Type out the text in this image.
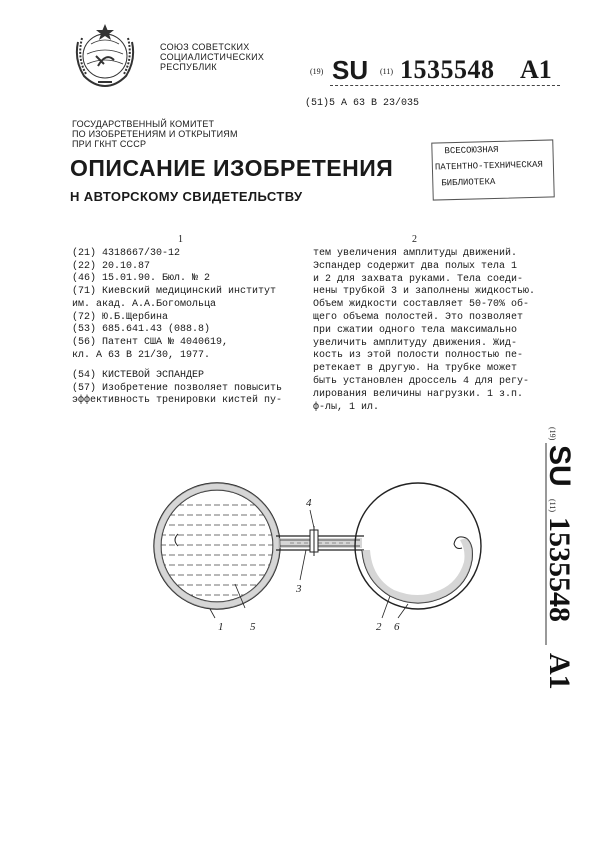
СОЮЗ СОВЕТСКИХ
СОЦИАЛИСТИЧЕСКИХ
РЕСПУБЛИК	(19) SU (11) 1535548 A1
(51)5 А 63 В 23/035
ГОСУДАРСТВЕННЫЙ КОМИТЕТ
ПО ИЗОБРЕТЕНИЯМ И ОТКРЫТИЯМ
ПРИ ГКНТ СССР
ОПИСАНИЕ ИЗОБРЕТЕНИЯ
Н АВТОРСКОМУ СВИДЕТЕЛЬСТВУ
ВСЕСОЮЗНАЯ
ПАТЕНТНО-ТЕХНИЧЕСКАЯ
БИБЛИОТЕКА
1	2
(21) 4318667/30-12
(22) 20.10.87
(46) 15.01.90. Бюл. № 2
(71) Киевский медицинский институт
им. акад. А.А.Богомольца
(72) Ю.Б.Щербина
(53) 685.641.43 (088.8)
(56) Патент США № 4040619,
кл. А 63 В 21/30, 1977.
(54) КИСТЕВОЙ ЭСПАНДЕР
(57) Изобретение позволяет повысить
эффективность тренировки кистей пу-
тем увеличения амплитуды движений.
Эспандер содержит два полых тела 1
и 2 для захвата руками. Тела соеди-
нены трубкой 3 и заполнены жидкостью.
Объем жидкости составляет 50-70% об-
щего объема полостей. Это позволяет
при сжатии одного тела максимально
увеличить амплитуду движения. Жид-
кость из этой полости полностью пе-
ретекает в другую. На трубке может
быть установлен дроссель 4 для регу-
лирования величины нагрузки. 1 з.п.
ф-лы, 1 ил.
(19)
SU
(11)
1535548
A1
4
3
5
1	2 6
